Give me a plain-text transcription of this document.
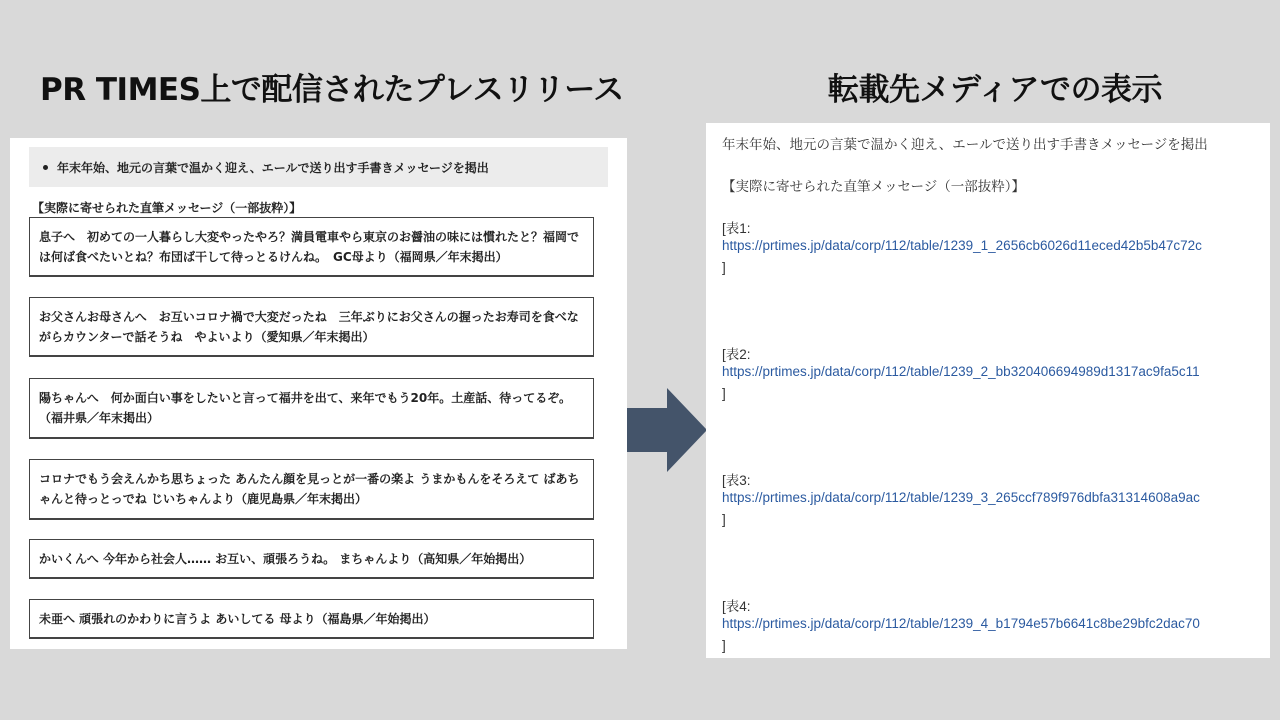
PR TIMES上で配信されたプレスリリース	転載先メディアでの表示
年末年始、地元の言葉で温かく迎え、エールで送り出す手書きメッセージを掲出
【実際に寄せられた直筆メッセージ（一部抜粋）】
息子へ　初めての一人暮らし大変やったやろ？満員電車やら東京のお醤油の味には慣れたと？福岡では何ば食べたいとね？布団ば干して待っとるけんね。　GC母より（福岡県／年末掲出）
お父さんお母さんへ　お互いコロナ禍で大変だったね　三年ぶりにお父さんの握ったお寿司を食べながらカウンターで話そうね　やよいより（愛知県／年末掲出）
陽ちゃんへ　何か面白い事をしたいと言って福井を出て、来年でもう20年。土産話、待ってるぞ。（福井県／年末掲出）
コロナでもう会えんかち思ちょった あんたん顔を見っとが一番の楽よ うまかもんをそろえて ばあちゃんと待っとっでね じいちゃんより（鹿児島県／年末掲出）
かいくんへ 今年から社会人…… お互い、頑張ろうね。 まちゃんより（高知県／年始掲出）
未亜へ 頑張れのかわりに言うよ あいしてる 母より（福島県／年始掲出）
年末年始、地元の言葉で温かく迎え、エールで送り出す手書きメッセージを掲出
【実際に寄せられた直筆メッセージ（一部抜粋）】
[表1:
https://prtimes.jp/data/corp/112/table/1239_1_2656cb6026d11eced42b5b47c72c
]
[表2:
https://prtimes.jp/data/corp/112/table/1239_2_bb320406694989d1317ac9fa5c11
]
[表3:
https://prtimes.jp/data/corp/112/table/1239_3_265ccf789f976dbfa31314608a9ac
]
[表4:
https://prtimes.jp/data/corp/112/table/1239_4_b1794e57b6641c8be29bfc2dac70
]
